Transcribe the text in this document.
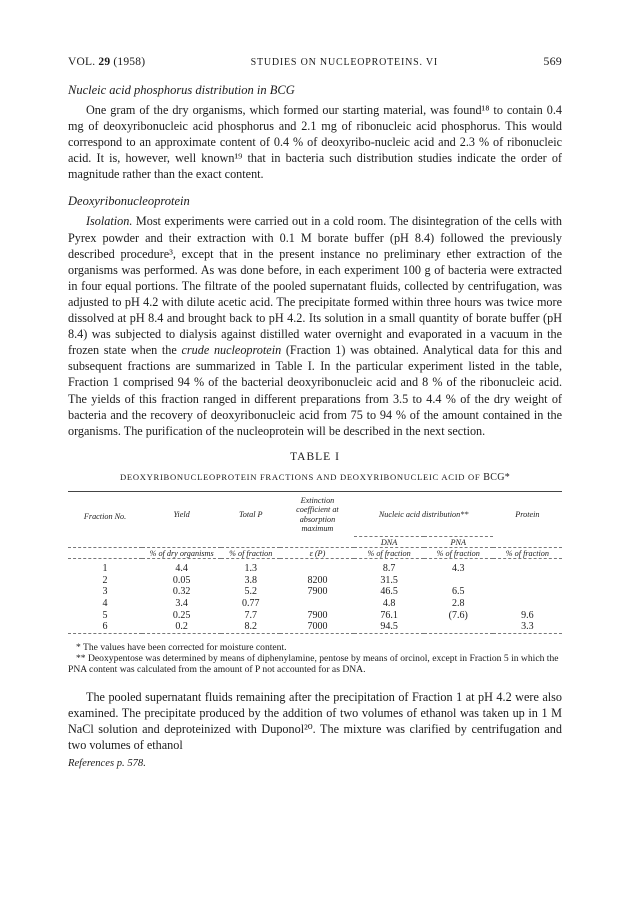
VOL. 29 (1958)	STUDIES ON NUCLEOPROTEINS. VI	569
Nucleic acid phosphorus distribution in BCG

One gram of the dry organisms, which formed our starting material, was found¹⁸ to contain 0.4 mg of deoxyribonucleic acid phosphorus and 2.1 mg of ribonucleic acid phosphorus. This would correspond to an approximate content of 0.4 % of deoxyribo-nucleic acid and 2.3 % of ribonucleic acid. It is, however, well known¹⁹ that in bacteria such distribution studies indicate the order of magnitude rather than the exact content.

Deoxyribonucleoprotein

Isolation. Most experiments were carried out in a cold room. The disintegration of the cells with Pyrex powder and their extraction with 0.1 M borate buffer (pH 8.4) followed the previously described procedure³, except that in the present instance no preliminary ether extraction of the organisms was performed. As was done before, in each experiment 100 g of bacteria were extracted in four equal portions. The filtrate of the pooled supernatant fluids, collected by centrifugation, was adjusted to pH 4.2 with dilute acetic acid. The precipitate formed within three hours was twice more dissolved at pH 8.4 and brought back to pH 4.2. Its solution in a small quantity of borate buffer (pH 8.4) was subjected to dialysis against distilled water overnight and evaporated in a vacuum in the frozen state when the crude nucleoprotein (Fraction 1) was obtained. Analytical data for this and subsequent fractions are summarized in Table I. In the particular experiment listed in the table, Fraction 1 comprised 94 % of the bacterial deoxyribonucleic acid and 8 % of the ribonucleic acid. The yields of this fraction ranged in different preparations from 3.5 to 4.4 % of the dry weight of bacteria and the recovery of deoxyribonucleic acid from 75 to 94 % of the amount contained in the organisms. The purification of the nucleoprotein will be described in the next section.

TABLE I
DEOXYRIBONUCLEOPROTEIN FRACTIONS AND DEOXYRIBONUCLEIC ACID OF BCG*

Fraction No.	Yield	Total P	Extinction coefficient at absorption maximum	Nucleic acid distribution**		Protein

				DNA	PNA	

	% of dry organisms	% of fraction	ε (P)	% of fraction	% of fraction	% of fraction

1	4.4	1.3		8.7	4.3	
2	0.05	3.8	8200	31.5		
3	0.32	5.2	7900	46.5	6.5	
4	3.4	0.77		4.8	2.8	
5	0.25	7.7	7900	76.1	(7.6)	9.6
6	0.2	8.2	7000	94.5		3.3

* The values have been corrected for moisture content.

** Deoxypentose was determined by means of diphenylamine, pentose by means of orcinol, except in Fraction 5 in which the PNA content was calculated from the amount of P not accounted for as DNA.

The pooled supernatant fluids remaining after the precipitation of Fraction 1 at pH 4.2 were also examined. The precipitate produced by the addition of two volumes of ethanol was taken up in 1 M NaCl solution and deproteinized with Duponol²⁰. The mixture was clarified by centrifugation and two volumes of ethanol

References p. 578.
